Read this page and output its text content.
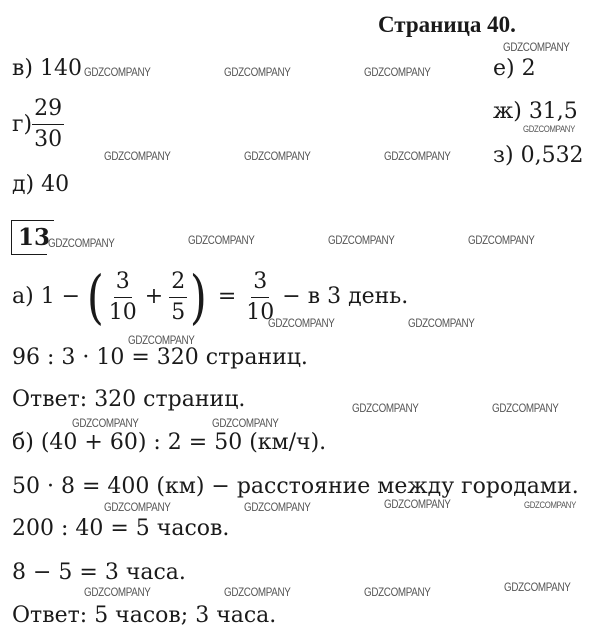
Страница 40.
в) 140	е) 2
$г) \frac{29}{30}$	ж) 31,5
з) 0,532
д) 40
13
а) 1 − ( $\frac{3}{10} + \frac{2}{5}$ ) = $\frac{3}{10} - в$ 3 день.
96 : 3 · 10 = 320 страниц.
Ответ: 320 страниц.
б) (40 + 60) : 2 = 50 (км/ч).
50 · 8 = 400 (км) − расстояние между городами.
200 : 40 = 5 часов.
8 − 5 = 3 часа.
Ответ: 5 часов; 3 часа.
GDZCOMPANY
GDZCOMPANY	GDZCOMPANY	GDZCOMPANY
GDZCOMPANY
GDZCOMPANY	GDZCOMPANY	GDZCOMPANY
GDZCOMPANY	GDZCOMPANY	GDZCOMPANY	GDZCOMPANY
GDZCOMPANY	GDZCOMPANY
GDZCOMPANY
GDZCOMPANY	GDZCOMPANY
GDZCOMPANY	GDZCOMPANY
GDZCOMPANY	GDZCOMPANY
GDZCOMPANY	GDZCOMPANY
GDZCOMPANY
GDZCOMPANY	GDZCOMPANY	GDZCOMPANY
